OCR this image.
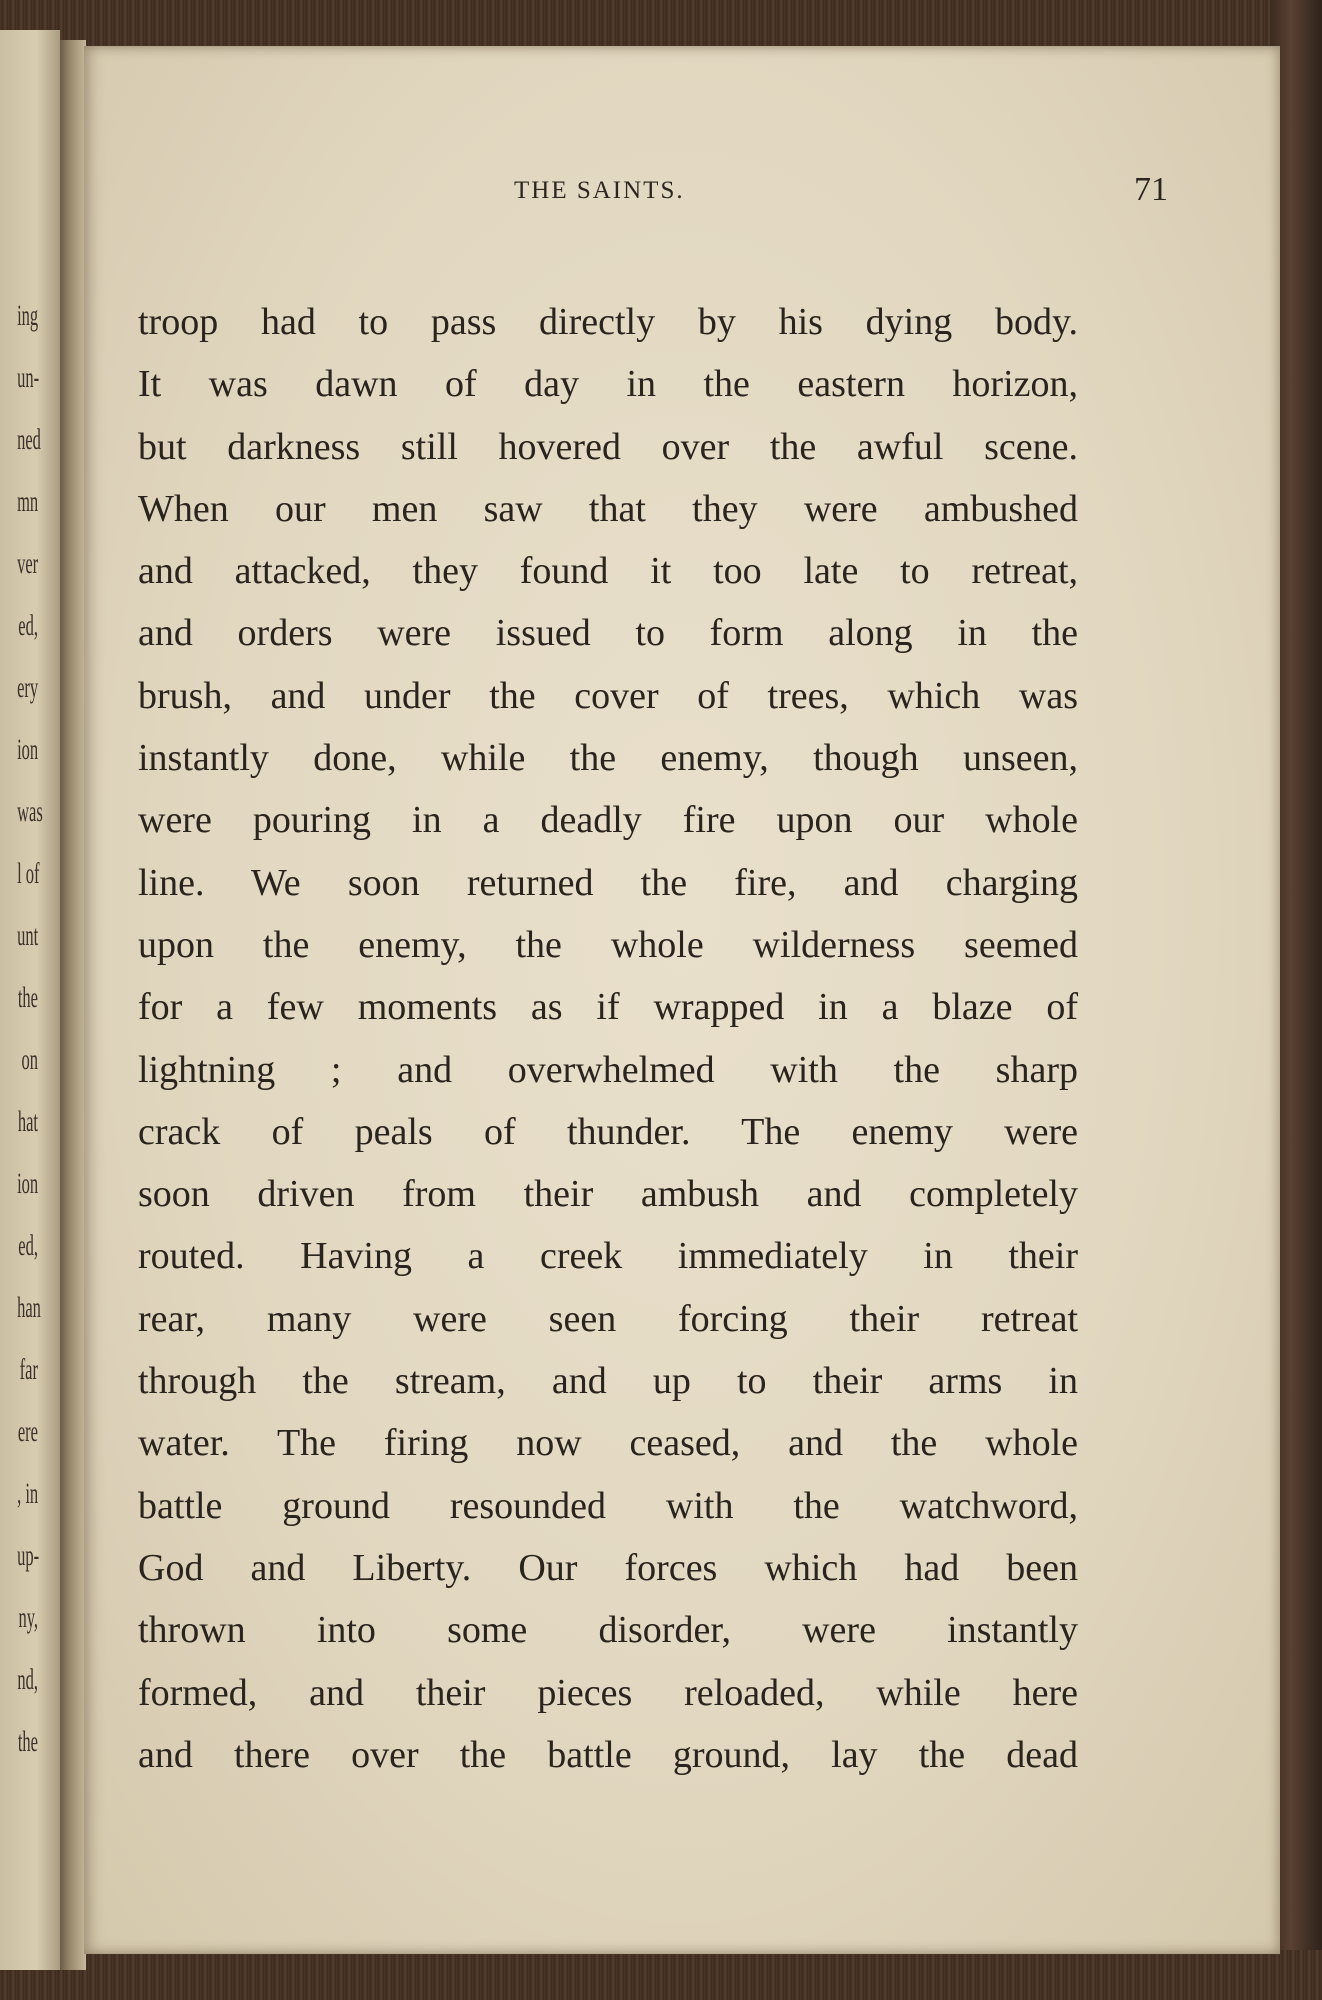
ing
un-
ned
mn
ver
ed,
ery
ion
was
l of
unt
the
on
hat
ion
ed,
han
far
ere
, in
up-
ny,
nd,
the
THE SAINTS.	71
troop had to pass directly by his dying body.
It was dawn of day in the eastern horizon,
but darkness still hovered over the awful scene.
When our men saw that they were ambushed
and attacked, they found it too late to retreat,
and orders were issued to form along in the
brush, and under the cover of trees, which was
instantly done, while the enemy, though unseen,
were pouring in a deadly fire upon our whole
line. We soon returned the fire, and charging
upon the enemy, the whole wilderness seemed
for a few moments as if wrapped in a blaze of
lightning ; and overwhelmed with the sharp
crack of peals of thunder. The enemy were
soon driven from their ambush and completely
routed. Having a creek immediately in their
rear, many were seen forcing their retreat
through the stream, and up to their arms in
water. The firing now ceased, and the whole
battle ground resounded with the watchword,
God and Liberty. Our forces which had been
thrown into some disorder, were instantly
formed, and their pieces reloaded, while here
and there over the battle ground, lay the dead
